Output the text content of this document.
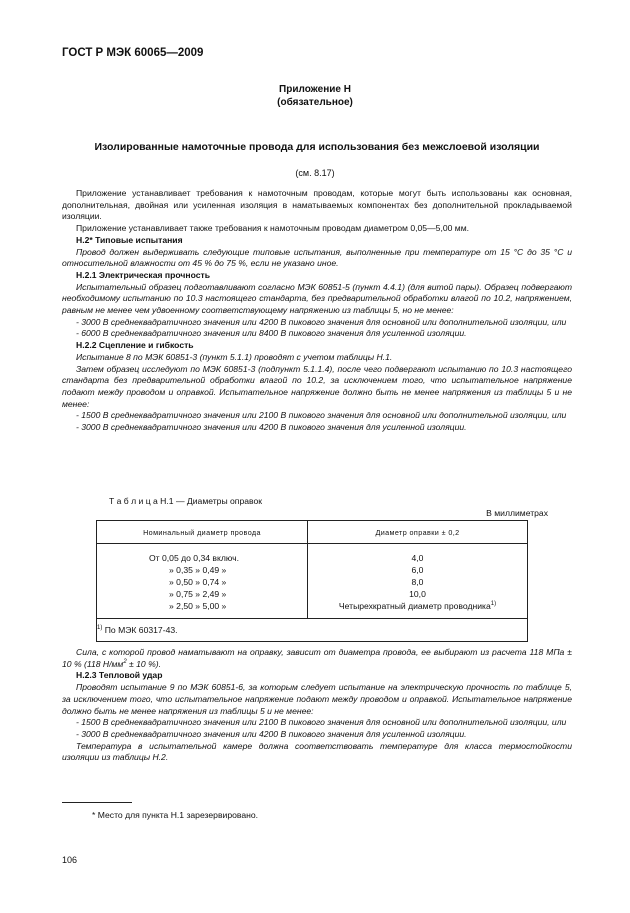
ГОСТ Р МЭК 60065—2009
Приложение Н
(обязательное)
Изолированные намоточные провода для использования без межслоевой изоляции
(см. 8.17)

Приложение устанавливает требования к намоточным проводам, которые могут быть использованы как основная, дополнительная, двойная или усиленная изоляция в наматываемых компонентах без дополнительной прокладываемой изоляции.

Приложение устанавливает также требования к намоточным проводам диаметром 0,05—5,00 мм.

Н.2* Типовые испытания

Провод должен выдерживать следующие типовые испытания, выполненные при температуре от 15 °С до 35 °С и относительной влажности от 45 % до 75 %, если не указано иное.

Н.2.1 Электрическая прочность

Испытательный образец подготавливают согласно МЭК 60851-5 (пункт 4.4.1) (для витой пары). Образец подвергают необходимому испытанию по 10.3 настоящего стандарта, без предварительной обработки влагой по 10.2, напряжением, равным не менее чем удвоенному соответствующему напряжению из таблицы 5, но не менее:

- 3000 В среднеквадратичного значения или 4200 В пикового значения для основной или дополнительной изоляции, или

- 6000 В среднеквадратичного значения или 8400 В пикового значения для усиленной изоляции.

Н.2.2 Сцепление и гибкость

Испытание 8 по МЭК 60851-3 (пункт 5.1.1) проводят с учетом таблицы Н.1.

Затем образец исследуют по МЭК 60851-3 (подпункт 5.1.1.4), после чего подвергают испытанию по 10.3 настоящего стандарта без предварительной обработки влагой по 10.2, за исключением того, что испытательное напряжение подают между проводом и оправкой. Испытательное напряжение должно быть не менее напряжения из таблицы 5 и не менее:

- 1500 В среднеквадратичного значения или 2100 В пикового значения для основной или дополнительной изоляции, или

- 3000 В среднеквадратичного значения или 4200 В пикового значения для усиленной изоляции.

Т а б л и ц а Н.1 — Диаметры оправок
В миллиметрах
Номинальный диаметр провода	Диаметр оправки ± 0,2

От 0,05 до 0,34 включ.	4,0
» 0,35 » 0,49 »	6,0
» 0,50 » 0,74 »	8,0
» 0,75 » 2,49 »	10,0
» 2,50 » 5,00 »	Четырехкратный диаметр проводника$^{1)}$
$^{1)}$ По МЭК 60317-43.	

Сила, с которой провод наматывают на оправку, зависит от диаметра провода, ее выбирают из расчета 118 МПа ± 10 % (118 $Н/мм^2 \pm 10$ %).

Н.2.3 Тепловой удар

Проводят испытание 9 по МЭК 60851-6, за которым следует испытание на электрическую прочность по таблице 5, за исключением того, что испытательное напряжение подают между проводом и оправкой. Испытательное напряжение должно быть не менее напряжения из таблицы 5 и не менее:

- 1500 В среднеквадратичного значения или 2100 В пикового значения для основной или дополнительной изоляции, или

- 3000 В среднеквадратичного значения или 4200 В пикового значения для усиленной изоляции.

Температура в испытательной камере должна соответствовать температуре для класса термостойкости изоляции из таблицы Н.2.

* Место для пункта Н.1 зарезервировано.
106
